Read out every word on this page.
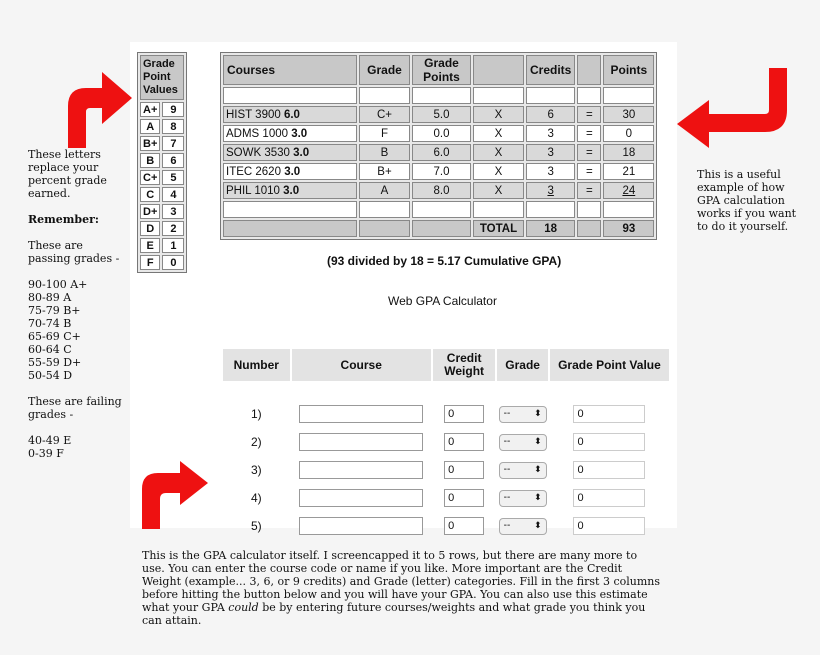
These letters replace your percent grade earned.

Remember:

These are passing grades -

90-100 A+
80-89 A
75-79 B+
70-74 B
65-69 C+
60-64 C
55-59 D+
50-54 D

These are failing grades -

40-49 E
0-39 F

This is a useful example of how GPA calculation works if you want to do it yourself.
Grade
Point
Values	
A+	9
A	8
B+	7
B	6
C+	5
C	4
D+	3
D	2
E	1
F	0
Courses	Grade	Grade Points		Credits		Points

HIST 3900 6.0	C+	5.0	X	6	=	30
ADMS 1000 3.0	F	0.0	X	3	=	0
SOWK 3530 3.0	B	6.0	X	3	=	18
ITEC 2620 3.0	B+	7.0	X	3	=	21
PHIL 1010 3.0	A	8.0	X	3	=	24

			TOTAL	18		93
(93 divided by 18 = 5.17 Cumulative GPA)
Web GPA Calculator
Number	Course	Credit Weight	Grade	Grade Point Value

1)		0	-- ⬍	0
2)		0	-- ⬍	0
3)		0	-- ⬍	0
4)		0	-- ⬍	0
5)		0	-- ⬍	0
This is the GPA calculator itself. I screencapped it to 5 rows, but there are many more to use. You can enter the course code or name if you like. More important are the Credit Weight (example... 3, 6, or 9 credits) and Grade (letter) categories. Fill in the first 3 columns before hitting the button below and you will have your GPA. You can also use this estimate what your GPA could be by entering future courses/weights and what grade you think you can attain.
